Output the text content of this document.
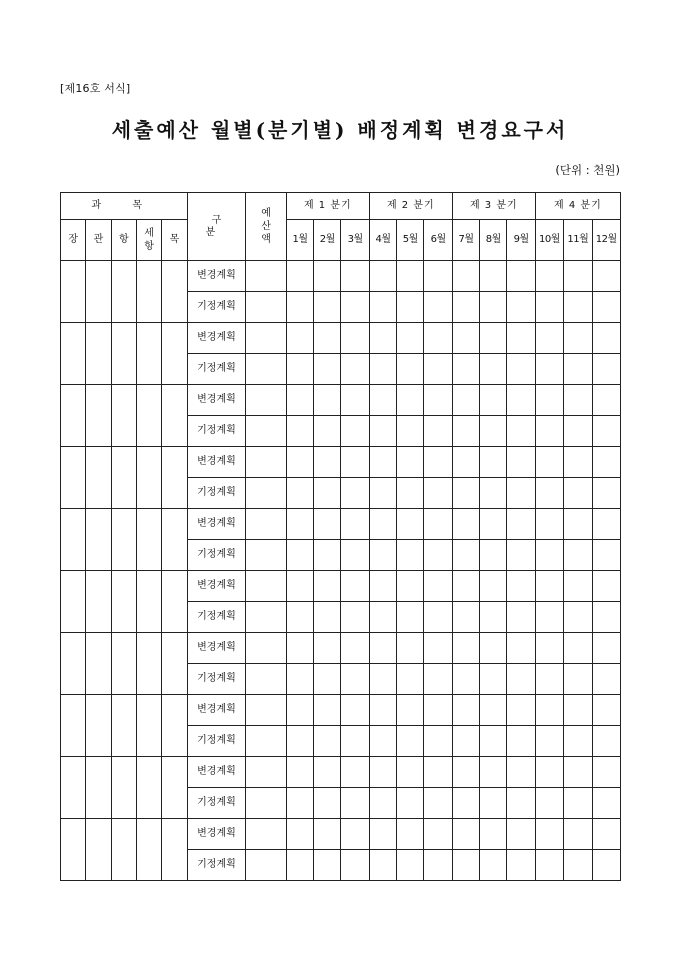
[제16호 서식]
세출예산 월별(분기별) 배정계획 변경요구서
(단위 : 천원)
과 목					구 분	예산액	제 1 분기			제 2 분기			제 3 분기			제 4 분기		
장	관	항	세항	목			1월	2월	3월	4월	5월	6월	7월	8월	9월	10월	11월	12월
					변경계획													
					기정계획													
					변경계획													
					기정계획													
					변경계획													
					기정계획													
					변경계획													
					기정계획													
					변경계획													
					기정계획													
					변경계획													
					기정계획													
					변경계획													
					기정계획													
					변경계획													
					기정계획													
					변경계획													
					기정계획													
					변경계획													
					기정계획													
